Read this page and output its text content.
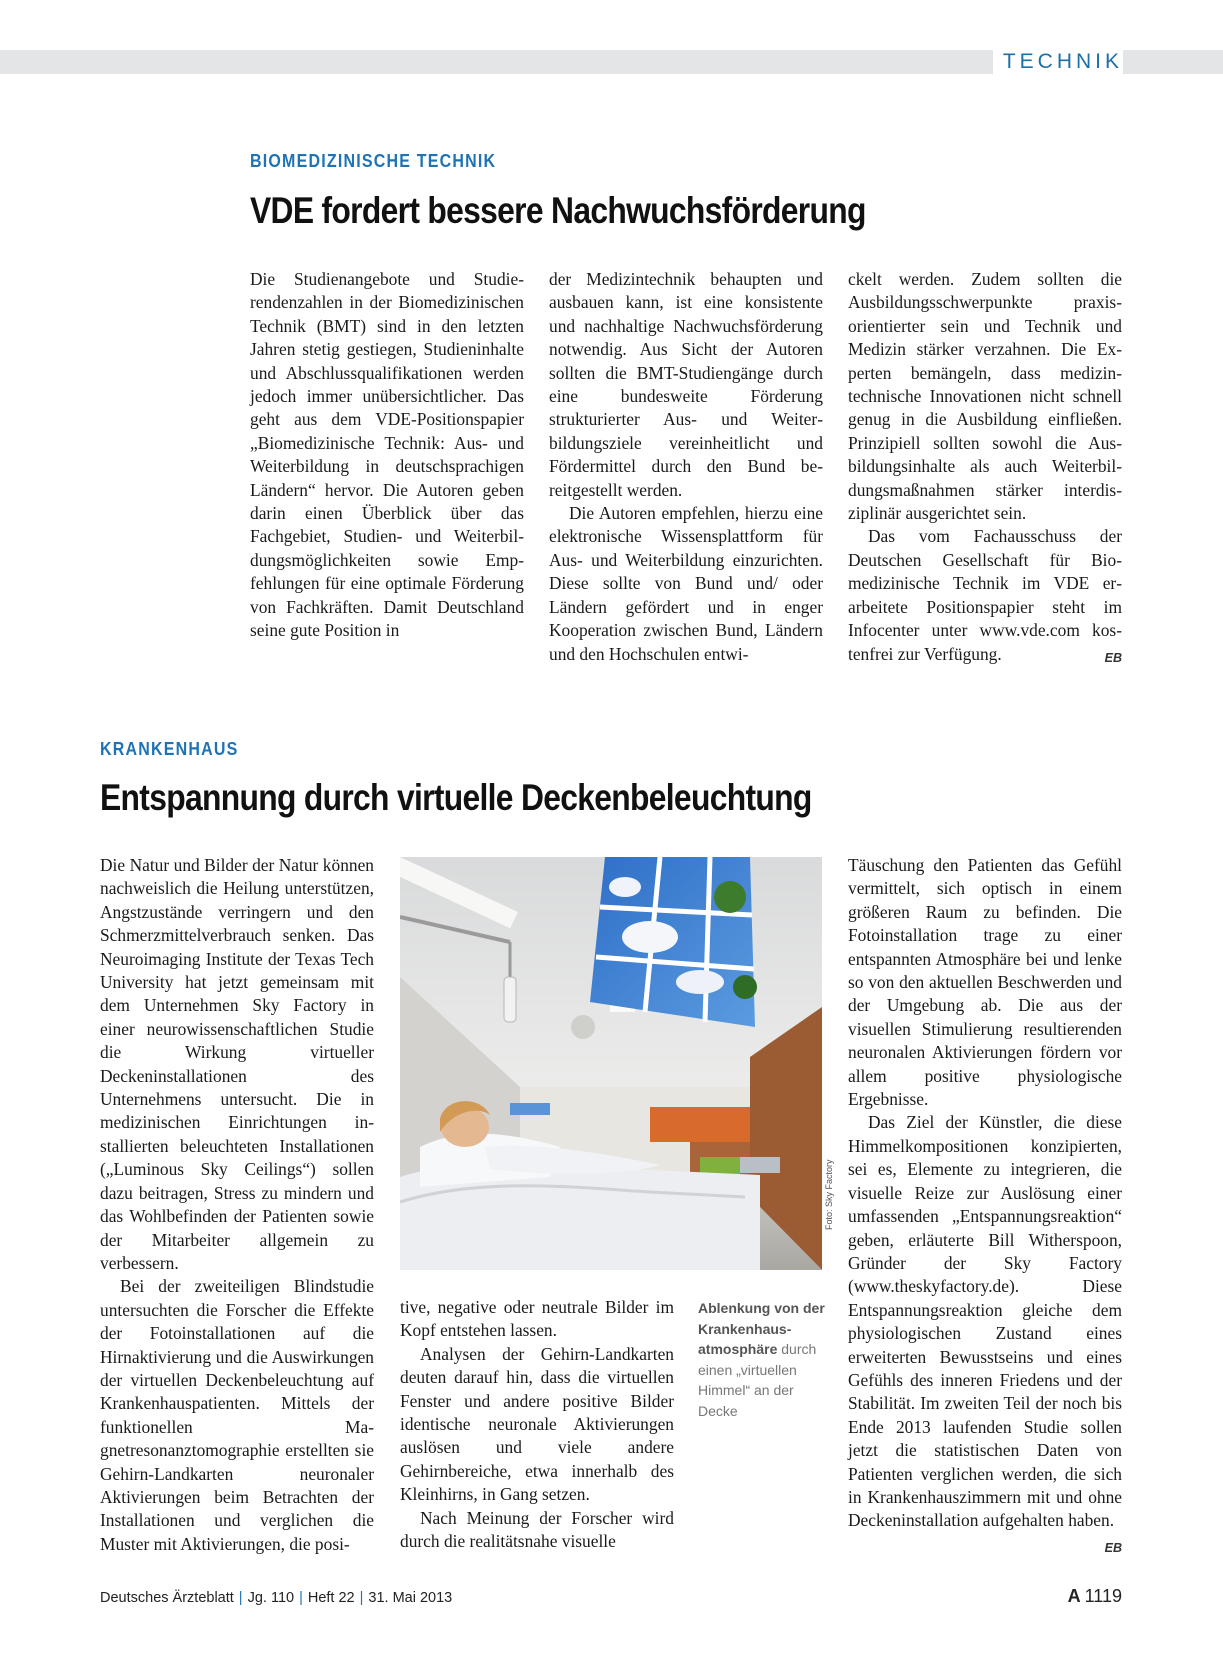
TECHNIK
BIOMEDIZINISCHE TECHNIK
VDE fordert bessere Nachwuchsförderung

Die Studienangebote und Studierendenzahlen in der Biomedizinischen Technik (BMT) sind in den letzten Jahren stetig gestiegen, Studieninhalte und Abschlussqualifikationen werden jedoch immer unübersichtlicher. Das geht aus dem VDE-Positionspapier „Biomedizinische Technik: Aus- und Weiterbildung in deutschsprachigen Ländern“ hervor. Die Autoren geben darin einen Überblick über das Fachgebiet, Studien- und Weiterbildungsmöglichkeiten sowie Empfehlungen für eine optimale Förderung von Fachkräften. Damit Deutschland seine gute Position in

der Medizintechnik behaupten und ausbauen kann, ist eine konsistente und nachhaltige Nachwuchsförderung notwendig. Aus Sicht der Autoren sollten die BMT-Studiengänge durch eine bundesweite Förderung strukturierter Aus- und Weiterbildungsziele vereinheitlicht und Fördermittel durch den Bund bereitgestellt werden.

Die Autoren empfehlen, hierzu eine elektronische Wissensplattform für Aus- und Weiterbildung einzurichten. Diese sollte von Bund und/ oder Ländern gefördert und in enger Kooperation zwischen Bund, Ländern und den Hochschulen entwi-

ckelt werden. Zudem sollten die Ausbildungsschwerpunkte praxisorientierter sein und Technik und Medizin stärker verzahnen. Die Experten bemängeln, dass medizintechnische Innovationen nicht schnell genug in die Ausbildung einfließen. Prinzipiell sollten sowohl die Ausbildungsinhalte als auch Weiterbildungsmaßnahmen stärker interdisziplinär ausgerichtet sein.

Das vom Fachausschuss der Deutschen Gesellschaft für Biomedizinische Technik im VDE erarbeitete Positionspapier steht im Infocenter unter www.vde.com kostenfrei zur Verfügung.	EB

KRANKENHAUS
Entspannung durch virtuelle Deckenbeleuchtung

Die Natur und Bilder der Natur können nachweislich die Heilung unterstützen, Angstzustände verringern und den Schmerzmittelverbrauch senken. Das Neuroimaging Institute der Texas Tech University hat jetzt gemeinsam mit dem Unternehmen Sky Factory in einer neurowissenschaftlichen Studie die Wirkung virtueller Deckeninstallationen des Unternehmens untersucht. Die in medizinischen Einrichtungen installierten beleuchteten Installationen („Luminous Sky Ceilings“) sollen dazu beitragen, Stress zu mindern und das Wohlbefinden der Patienten sowie der Mitarbeiter allgemein zu verbessern.

Bei der zweiteiligen Blindstudie untersuchten die Forscher die Effekte der Fotoinstallationen auf die Hirnaktivierung und die Auswirkungen der virtuellen Deckenbeleuchtung auf Krankenhauspatienten. Mittels der funktionellen Magnetresonanztomographie erstellten sie Gehirn-Landkarten neuronaler Aktivierungen beim Betrachten der Installationen und verglichen die Muster mit Aktivierungen, die posi-

Foto: Sky Factory

tive, negative oder neutrale Bilder im Kopf entstehen lassen.

Analysen der Gehirn-Landkarten deuten darauf hin, dass die virtuellen Fenster und andere positive Bilder identische neuronale Aktivierungen auslösen und viele andere Gehirnbereiche, etwa innerhalb des Kleinhirns, in Gang setzen.

Nach Meinung der Forscher wird durch die realitätsnahe visuelle

Ablenkung von der Krankenhausatmosphäre durch einen „virtuellen Himmel“ an der Decke

Täuschung den Patienten das Gefühl vermittelt, sich optisch in einem größeren Raum zu befinden. Die Fotoinstallation trage zu einer entspannten Atmosphäre bei und lenke so von den aktuellen Beschwerden und der Umgebung ab. Die aus der visuellen Stimulierung resultierenden neuronalen Aktivierungen fördern vor allem positive physiologische Ergebnisse.

Das Ziel der Künstler, die diese Himmelkompositionen konzipierten, sei es, Elemente zu integrieren, die visuelle Reize zur Auslösung einer umfassenden „Entspannungsreaktion“ geben, erläuterte Bill Witherspoon, Gründer der Sky Factory (www.theskyfactory.de). Diese Entspannungsreaktion gleiche dem physiologischen Zustand eines erweiterten Bewusstseins und eines Gefühls des inneren Friedens und der Stabilität. Im zweiten Teil der noch bis Ende 2013 laufenden Studie sollen jetzt die statistischen Daten von Patienten verglichen werden, die sich in Krankenhauszimmern mit und ohne Deckeninstallation aufgehalten haben.
EB

Deutsches Ärzteblatt | Jg. 110 | Heft 22 | 31. Mai 2013	A 1119
